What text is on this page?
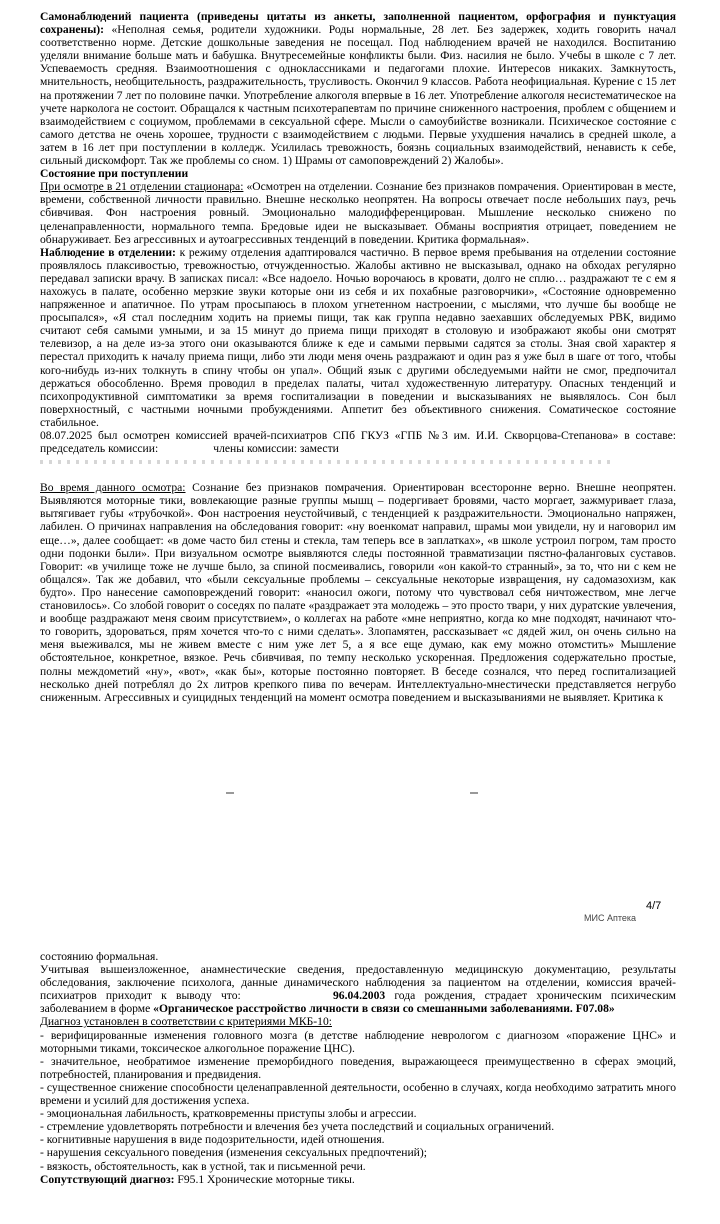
Самонаблюдений пациента (приведены цитаты из анкеты, заполненной пациентом, орфография и пунктуация сохранены): «Неполная семья, родители художники. Роды нормальные, 28 лет. Без задержек, ходить говорить начал соответственно норме. Детские дошкольные заведения не посещал. Под наблюдением врачей не находился. Воспитанию уделяли внимание больше мать и бабушка. Внутресемейные конфликты были. Физ. насилия не было. Учебы в школе с 7 лет. Успеваемость средняя. Взаимоотношения с одноклассниками и педагогами плохие. Интересов никаких. Замкнутость, мнительность, необщительность, раздражительность, трусливость. Окончил 9 классов. Работа неофициальная. Курение с 15 лет на протяжении 7 лет по половине пачки. Употребление алкоголя впервые в 16 лет. Употребление алкоголя несистематическое на учете нарколога не состоит. Обращался к частным психотерапевтам по причине сниженного настроения, проблем с общением и взаимодействием с социумом, проблемами в сексуальной сфере. Мысли о самоубийстве возникали. Психическое состояние с самого детства не очень хорошее, трудности с взаимодействием с людьми. Первые ухудшения начались в средней школе, а затем в 16 лет при поступлении в колледж. Усилилась тревожность, боязнь социальных взаимодействий, ненависть к себе, сильный дискомфорт. Так же проблемы со сном. 1) Шрамы от самоповреждений 2) Жалобы».

Состояние при поступлении

При осмотре в 21 отделении стационара: «Осмотрен на отделении. Сознание без признаков помрачения. Ориентирован в месте, времени, собственной личности правильно. Внешне несколько неопрятен. На вопросы отвечает после небольших пауз, речь сбивчивая. Фон настроения ровный. Эмоционально малодифференцирован. Мышление несколько снижено по целенаправленности, нормального темпа. Бредовые идеи не высказывает. Обманы восприятия отрицает, поведением не обнаруживает. Без агрессивных и аутоагрессивных тенденций в поведении. Критика формальная».

Наблюдение в отделении: к режиму отделения адаптировался частично. В первое время пребывания на отделении состояние проявлялось плаксивостью, тревожностью, отчужденностью. Жалобы активно не высказывал, однако на обходах регулярно передавал записки врачу. В записках писал: «Все надоело. Ночью ворочаюсь в кровати, долго не сплю… раздражают те с ем я нахожусь в палате, особенно мерзкие звуки которые они из себя и их похабные разговорчики», «Состояние одновременно напряженное и апатичное. По утрам просыпаюсь в плохом угнетенном настроении, с мыслями, что лучше бы вообще не просыпался», «Я стал последним ходить на приемы пищи, так как группа недавно заехавших обследуемых РВК, видимо считают себя самыми умными, и за 15 минут до приема пищи приходят в столовую и изображают якобы они смотрят телевизор, а на деле из-за этого они оказываются ближе к еде и самыми первыми садятся за столы. Зная свой характер я перестал приходить к началу приема пищи, либо эти люди меня очень раздражают и один раз я уже был в шаге от того, чтобы кого-нибудь из-них толкнуть в спину чтобы он упал». Общий язык с другими обследуемыми найти не смог, предпочитал держаться обособленно. Время проводил в пределах палаты, читал художественную литературу. Опасных тенденций и психопродуктивной симптоматики за время госпитализации в поведении и высказываниях не выявлялось. Сон был поверхностный, с частными ночными пробуждениями. Аппетит без объективного снижения. Соматическое состояние стабильное.

08.07.2025 был осмотрен комиссией врачей-психиатров СПб ГКУЗ «ГПБ №3 им. И.И. Скворцова-Степанова» в составе: председатель комиссии: ██████ члены комиссии: замести

Во время данного осмотра: Сознание без признаков помрачения. Ориентирован всесторонне верно. Внешне неопрятен. Выявляются моторные тики, вовлекающие разные группы мышц – подергивает бровями, часто моргает, зажмуривает глаза, вытягивает губы «трубочкой». Фон настроения неустойчивый, с тенденцией к раздражительности. Эмоционально напряжен, лабилен. О причинах направления на обследования говорит: «ну военкомат направил, шрамы мои увидели, ну и наговорил им еще…», далее сообщает: «в доме часто бил стены и стекла, там теперь все в заплатках», «в школе устроил погром, там просто одни подонки были». При визуальном осмотре выявляются следы постоянной травматизации пястно-фаланговых суставов. Говорит: «в училище тоже не лучше было, за спиной посмеивались, говорили «он какой-то странный», за то, что ни с кем не общался». Так же добавил, что «были сексуальные проблемы – сексуальные некоторые извращения, ну садомазохизм, как будто». Про нанесение самоповреждений говорит: «наносил ожоги, потому что чувствовал себя ничтожеством, мне легче становилось». Со злобой говорит о соседях по палате «раздражает эта молодежь – это просто твари, у них дуратские увлечения, и вообще раздражают меня своим присутствием», о коллегах на работе «мне неприятно, когда ко мне подходят, начинают что-то говорить, здороваться, прям хочется что-то с ними сделать». Злопамятен, рассказывает «с дядей жил, он очень сильно на меня выеживался, мы не живем вместе с ним уже лет 5, а я все еще думаю, как ему можно отомстить» Мышление обстоятельное, конкретное, вязкое. Речь сбивчивая, по темпу несколько ускоренная. Предложения содержательно простые, полны междометий «ну», «вот», «как бы», которые постоянно повторяет. В беседе сознался, что перед госпитализацией несколько дней потреблял до 2х литров крепкого пива по вечерам. Интеллектуально-мнестически представляется негрубо сниженным. Агрессивных и суицидных тенденций на момент осмотра поведением и высказываниями не выявляет. Критика к

4/7
МИС Аптека

состоянию формальная.

Учитывая вышеизложенное, анамнестические сведения, предоставленную медицинскую документацию, результаты обследования, заключение психолога, данные динамического наблюдения за пациентом на отделении, комиссия врачей-психиатров приходит к выводу что: █████████ 96.04.2003 года рождения, страдает хроническим психическим заболеванием в форме «Органическое расстройство личности в связи со смешанными заболеваниями. F07.08»

Диагноз установлен в соответствии с критериями МКБ-10:

- верифицированные изменения головного мозга (в детстве наблюдение неврологом с диагнозом «поражение ЦНС» и моторными тиками, токсическое алкогольное поражение ЦНС).

- значительное, необратимое изменение преморбидного поведения, выражающееся преимущественно в сферах эмоций, потребностей, планирования и предвидения.

- существенное снижение способности целенаправленной деятельности, особенно в случаях, когда необходимо затратить много времени и усилий для достижения успеха.

- эмоциональная лабильность, кратковременны приступы злобы и агрессии.

- стремление удовлетворять потребности и влечения без учета последствий и социальных ограничений.

- когнитивные нарушения в виде подозрительности, идей отношения.

- нарушения сексуального поведения (изменения сексуальных предпочтений);

- вязкость, обстоятельность, как в устной, так и письменной речи.

Сопутствующий диагноз: F95.1 Хронические моторные тикы.
